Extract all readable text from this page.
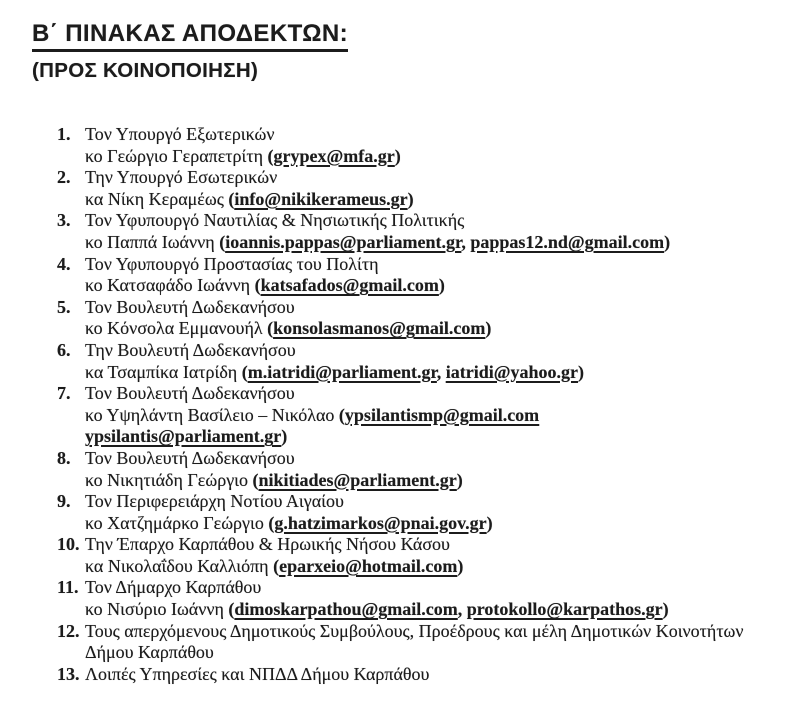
Β΄ ΠΙΝΑΚΑΣ ΑΠΟΔΕΚΤΩΝ:
(ΠΡΟΣ ΚΟΙΝΟΠΟΙΗΣΗ)
1. Τον Υπουργό Εξωτερικών
κο Γεώργιο Γεραπετρίτη (grypex@mfa.gr)
2. Την Υπουργό Εσωτερικών
κα Νίκη Κεραμέως (info@nikikerameus.gr)
3. Τον Υφυπουργό Ναυτιλίας & Νησιωτικής Πολιτικής
κο Παππά Ιωάννη (ioannis.pappas@parliament.gr, pappas12.nd@gmail.com)
4. Τον Υφυπουργό Προστασίας του Πολίτη
κο Κατσαφάδο Ιωάννη (katsafados@gmail.com)
5. Τον Βουλευτή Δωδεκανήσου
κο Κόνσολα Εμμανουήλ (konsolasmanos@gmail.com)
6. Την Βουλευτή Δωδεκανήσου
κα Τσαμπίκα Ιατρίδη (m.iatridi@parliament.gr, iatridi@yahoo.gr)
7. Τον Βουλευτή Δωδεκανήσου
κο Υψηλάντη Βασίλειο – Νικόλαο (ypsilantismp@gmail.com
ypsilantis@parliament.gr)
8. Τον Βουλευτή Δωδεκανήσου
κο Νικητιάδη Γεώργιο (nikitiades@parliament.gr)
9. Τον Περιφερειάρχη Νοτίου Αιγαίου
κο Χατζημάρκο Γεώργιο (g.hatzimarkos@pnai.gov.gr)
10. Την Έπαρχο Καρπάθου & Ηρωικής Νήσου Κάσου
κα Νικολαΐδου Καλλιόπη (eparxeio@hotmail.com)
11. Τον Δήμαρχο Καρπάθου
κο Νισύριο Ιωάννη (dimoskarpathou@gmail.com, protokollo@karpathos.gr)
12. Τους απερχόμενους Δημοτικούς Συμβούλους, Προέδρους και μέλη Δημοτικών Κοινοτήτων
Δήμου Καρπάθου
13. Λοιπές Υπηρεσίες και ΝΠΔΔ Δήμου Καρπάθου
